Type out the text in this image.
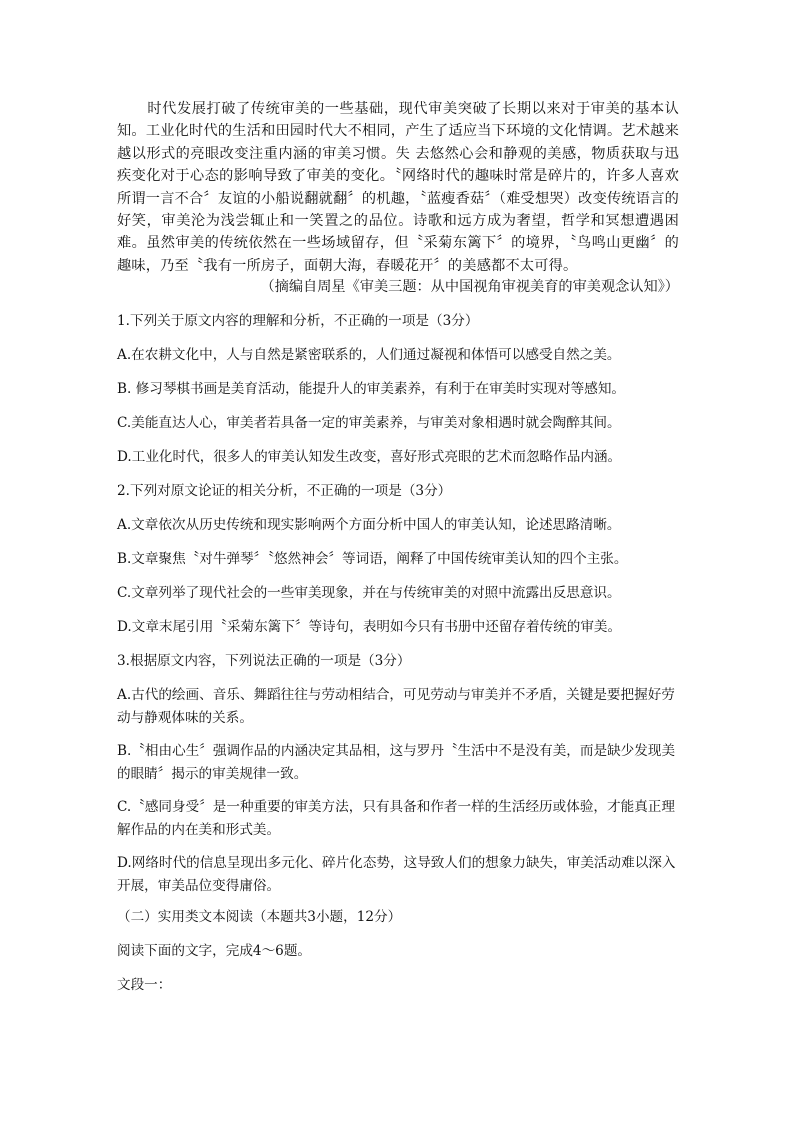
时代发展打破了传统审美的一些基础，现代审美突破了长期以来对于审美的基本认知。工业化时代的生活和田园时代大不相同，产生了适应当下环境的文化情调。艺术越来越以形式的亮眼改变注重内涵的审美习惯。失 去悠然心会和静观的美感，物质获取与迅疾变化对于心态的影响导致了审美的变化。〝网络时代的趣味时常是碎片的，许多人喜欢所谓一言不合〞友谊的小船说翻就翻〞的机趣，〝蓝瘦香菇〞（难受想哭）改变传统语言的好笑，审美沦为浅尝辄止和一笑置之的品位。诗歌和远方成为奢望，哲学和冥想遭遇困难。虽然审美的传统依然在一些场域留存，但〝采菊东篱下〞的境界，〝鸟鸣山更幽〞的趣味，乃至〝我有一所房子，面朝大海，春暖花开〞的美感都不太可得。

（摘编自周星《审美三题：从中国视角审视美育的审美观念认知》）

1.下列关于原文内容的理解和分析，不正确的一项是（3分）

A.在农耕文化中，人与自然是紧密联系的，人们通过凝视和体悟可以感受自然之美。

B. 修习琴棋书画是美育活动，能提升人的审美素养，有利于在审美时实现对等感知。

C.美能直达人心，审美者若具备一定的审美素养，与审美对象相遇时就会陶醉其间。

D.工业化时代，很多人的审美认知发生改变，喜好形式亮眼的艺术而忽略作品内涵。

2.下列对原文论证的相关分析，不正确的一项是（3分）

A.文章依次从历史传统和现实影响两个方面分析中国人的审美认知，论述思路清晰。

B.文章聚焦〝对牛弹琴〞〝悠然神会〞等词语，阐释了中国传统审美认知的四个主张。

C.文章列举了现代社会的一些审美现象，并在与传统审美的对照中流露出反思意识。

D.文章末尾引用〝采菊东篱下〞等诗句，表明如今只有书册中还留存着传统的审美。

3.根据原文内容，下列说法正确的一项是（3分）

A.古代的绘画、音乐、舞蹈往往与劳动相结合，可见劳动与审美并不矛盾，关键是要把握好劳动与静观体味的关系。

B.〝相由心生〞强调作品的内涵决定其品相，这与罗丹〝生活中不是没有美，而是缺少发现美的眼睛〞揭示的审美规律一致。

C.〝感同身受〞是一种重要的审美方法，只有具备和作者一样的生活经历或体验，才能真正理解作品的内在美和形式美。

D.网络时代的信息呈现出多元化、碎片化态势，这导致人们的想象力缺失，审美活动难以深入开展，审美品位变得庸俗。

（二）实用类文本阅读（本题共3小题，12分）

阅读下面的文字，完成4～6题。

文段一：
